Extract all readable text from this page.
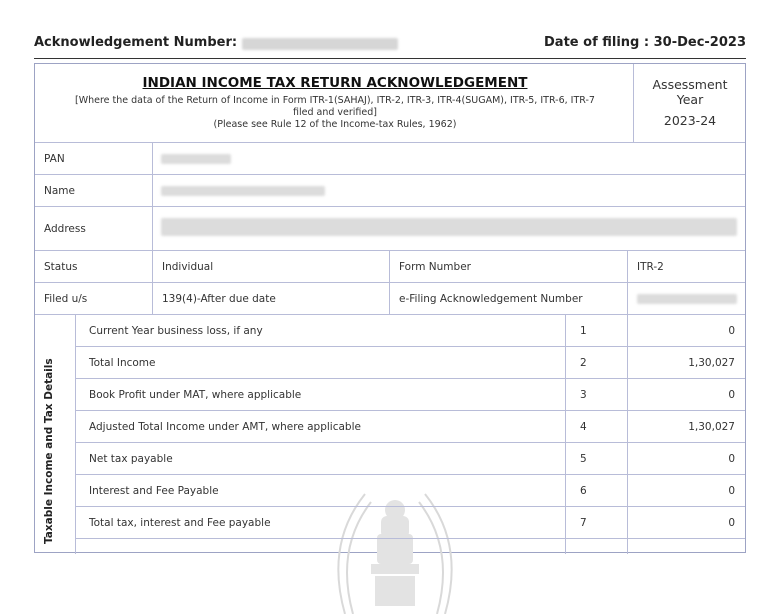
Acknowledgement Number:	Date of filing : 30-Dec-2023
INDIAN INCOME TAX RETURN ACKNOWLEDGEMENT
[Where the data of the Return of Income in Form ITR-1(SAHAJ), ITR-2, ITR-3, ITR-4(SUGAM), ITR-5, ITR-6, ITR-7
filed and verified]
(Please see Rule 12 of the Income-tax Rules, 1962)
Assessment
Year
2023-24
PAN
Name
Address
Status	Individual	Form Number	ITR-2
Filed u/s	139(4)-After due date	e-Filing Acknowledgement Number
Taxable Income and Tax Details
Current Year business loss, if any	1	0
Total Income	2	1,30,027
Book Profit under MAT, where applicable	3	0
Adjusted Total Income under AMT, where applicable	4	1,30,027
Net tax payable	5	0
Interest and Fee Payable	6	0
Total tax, interest and Fee payable	7	0
